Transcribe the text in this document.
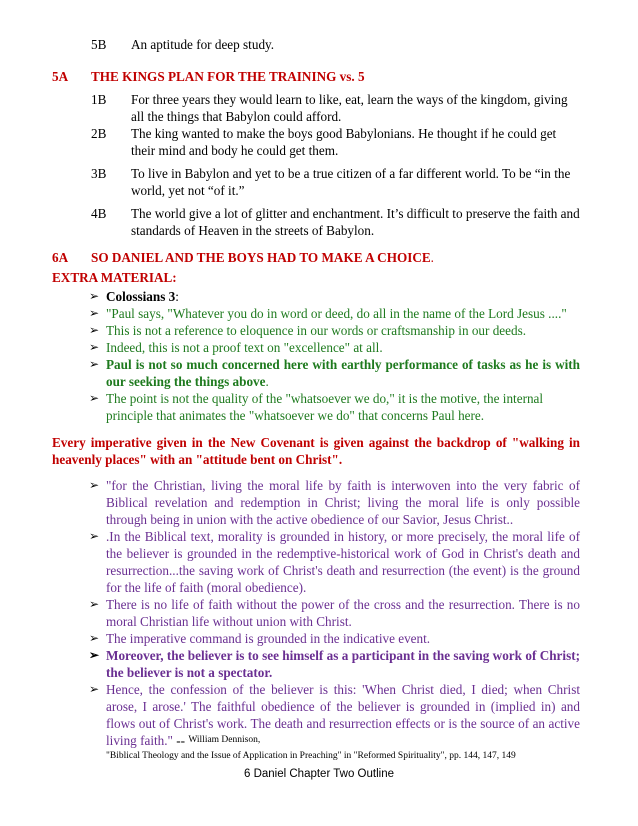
5B	An aptitude for deep study.
5A	THE KINGS PLAN FOR THE TRAINING vs. 5
1B	For three years they would learn to like, eat, learn the ways of the kingdom, giving all the things that Babylon could afford.
2B	The king wanted to make the boys good Babylonians. He thought if he could get their mind and body he could get them.
3B	To live in Babylon and yet to be a true citizen of a far different world. To be “in the world, yet not “of it.”
4B	The world give a lot of glitter and enchantment. It’s difficult to preserve the faith and standards of Heaven in the streets of Babylon.
6A	SO DANIEL AND THE BOYS HAD TO MAKE A CHOICE.
EXTRA MATERIAL:
➢ Colossians 3:
➢ "Paul says, "Whatever you do in word or deed, do all in the name of the Lord Jesus ...."
➢ This is not a reference to eloquence in our words or craftsmanship in our deeds.
➢ Indeed, this is not a proof text on "excellence" at all.
➢ Paul is not so much concerned here with earthly performance of tasks as he is with our seeking the things above.
➢ The point is not the quality of the "whatsoever we do," it is the motive, the internal principle that animates the "whatsoever we do" that concerns Paul here.
Every imperative given in the New Covenant is given against the backdrop of "walking in heavenly places" with an "attitude bent on Christ".
➢ "for the Christian, living the moral life by faith is interwoven into the very fabric of Biblical revelation and redemption in Christ; living the moral life is only possible through being in union with the active obedience of our Savior, Jesus Christ..
➢ .In the Biblical text, morality is grounded in history, or more precisely, the moral life of the believer is grounded in the redemptive-historical work of God in Christ's death and resurrection...the saving work of Christ's death and resurrection (the event) is the ground for the life of faith (moral obedience).
➢ There is no life of faith without the power of the cross and the resurrection. There is no moral Christian life without union with Christ.
➢ The imperative command is grounded in the indicative event.
➢ Moreover, the believer is to see himself as a participant in the saving work of Christ; the believer is not a spectator.
➢ Hence, the confession of the believer is this: 'When Christ died, I died; when Christ arose, I arose.' The faithful obedience of the believer is grounded in (implied in) and flows out of Christ's work. The death and resurrection effects or is the source of an active living faith." -- $^{William Dennison,}$
"Biblical Theology and the Issue of Application in Preaching" in "Reformed Spirituality", pp. 144, 147, 149
6 Daniel Chapter Two Outline
